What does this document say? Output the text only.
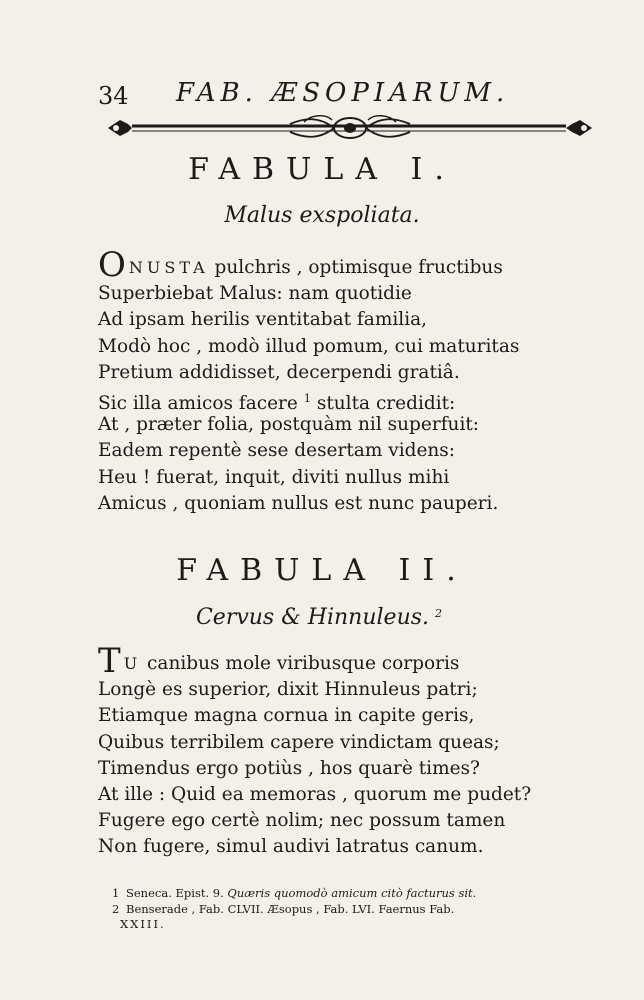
34 FAB. ÆSOPIARUM.
FABULA I.
Malus exspoliata.
ONUSTA pulchris , optimisque fructibus
Superbiebat Malus: nam quotidie
Ad ipsam herilis ventitabat familia,
Modò hoc , modò illud pomum, cui maturitas
Pretium addidisset, decerpendi gratiâ.
Sic illa amicos facere $^1$ stulta credidit:
At , præter folia, postquàm nil superfuit:
Eadem repentè sese desertam videns:
Heu ! fuerat, inquit, diviti nullus mihi
Amicus , quoniam nullus est nunc pauperi.
FABULA II.
Cervus & Hinnuleus. $^2$
T U canibus mole viribusque corporis
Longè es superior, dixit Hinnuleus patri;
Etiamque magna cornua in capite geris,
Quibus terribilem capere vindictam queas;
Timendus ergo potiùs , hos quarè times?
At ille : Quid ea memoras , quorum me pudet?
Fugere ego certè nolim; nec possum tamen
Non fugere, simul audivi latratus canum.
1 Seneca. Epist. 9. Quæris quomodò amicum citò facturus sit.
2 Benserade , Fab. CLVII. Æsopus , Fab. LVI. Faernus Fab.
XXIII.
